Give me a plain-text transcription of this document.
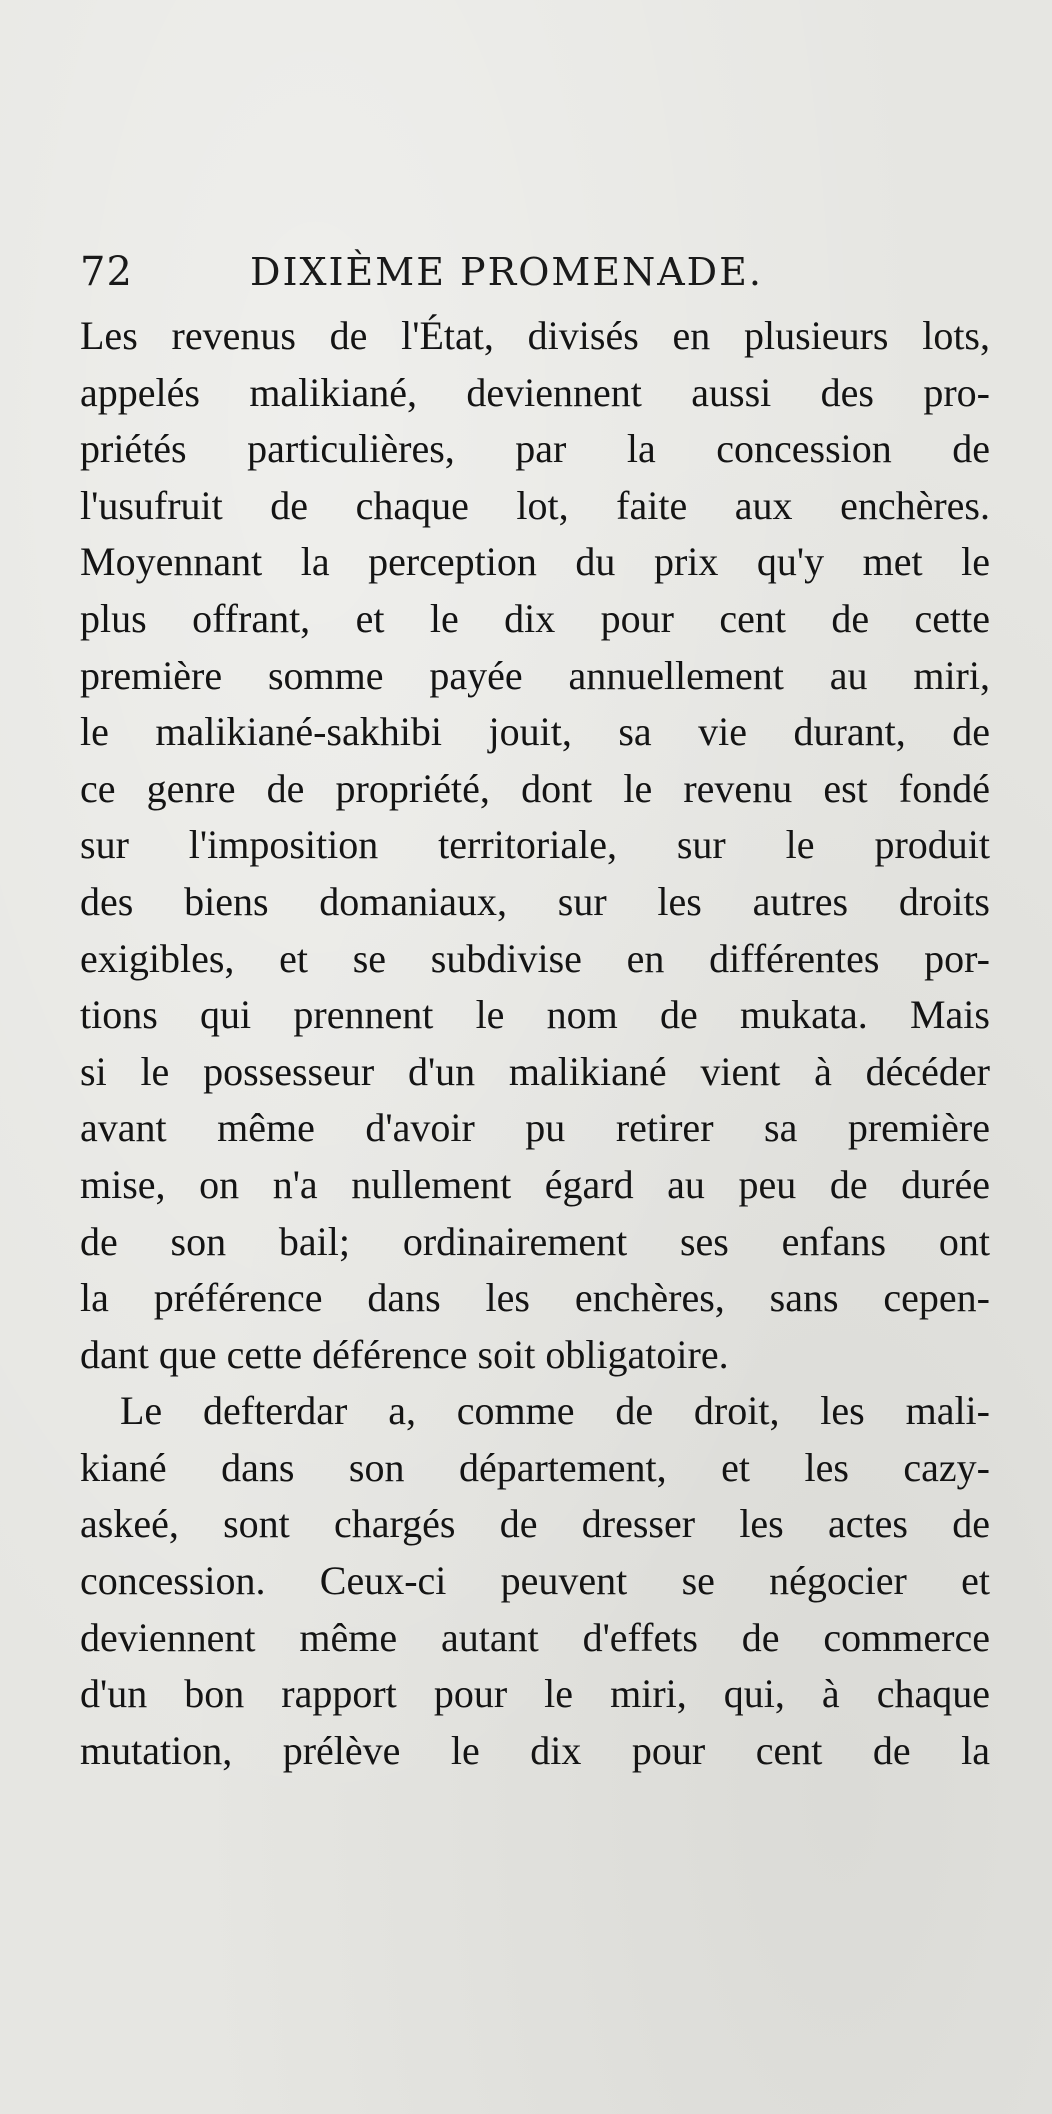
72	DIXIÈME PROMENADE.
Les revenus de l'État, divisés en plusieurs lots,
appelés malikiané, deviennent aussi des pro-
priétés particulières, par la concession de
l'usufruit de chaque lot, faite aux enchères.
Moyennant la perception du prix qu'y met le
plus offrant, et le dix pour cent de cette
première somme payée annuellement au miri,
le malikiané-sakhibi jouit, sa vie durant, de
ce genre de propriété, dont le revenu est fondé
sur l'imposition territoriale, sur le produit
des biens domaniaux, sur les autres droits
exigibles, et se subdivise en différentes por-
tions qui prennent le nom de mukata. Mais
si le possesseur d'un malikiané vient à décéder
avant même d'avoir pu retirer sa première
mise, on n'a nullement égard au peu de durée
de son bail; ordinairement ses enfans ont
la préférence dans les enchères, sans cepen-
dant que cette déférence soit obligatoire.
Le defterdar a, comme de droit, les mali-
kiané dans son département, et les cazy-
askeé, sont chargés de dresser les actes de
concession. Ceux-ci peuvent se négocier et
deviennent même autant d'effets de commerce
d'un bon rapport pour le miri, qui, à chaque
mutation, prélève le dix pour cent de la
